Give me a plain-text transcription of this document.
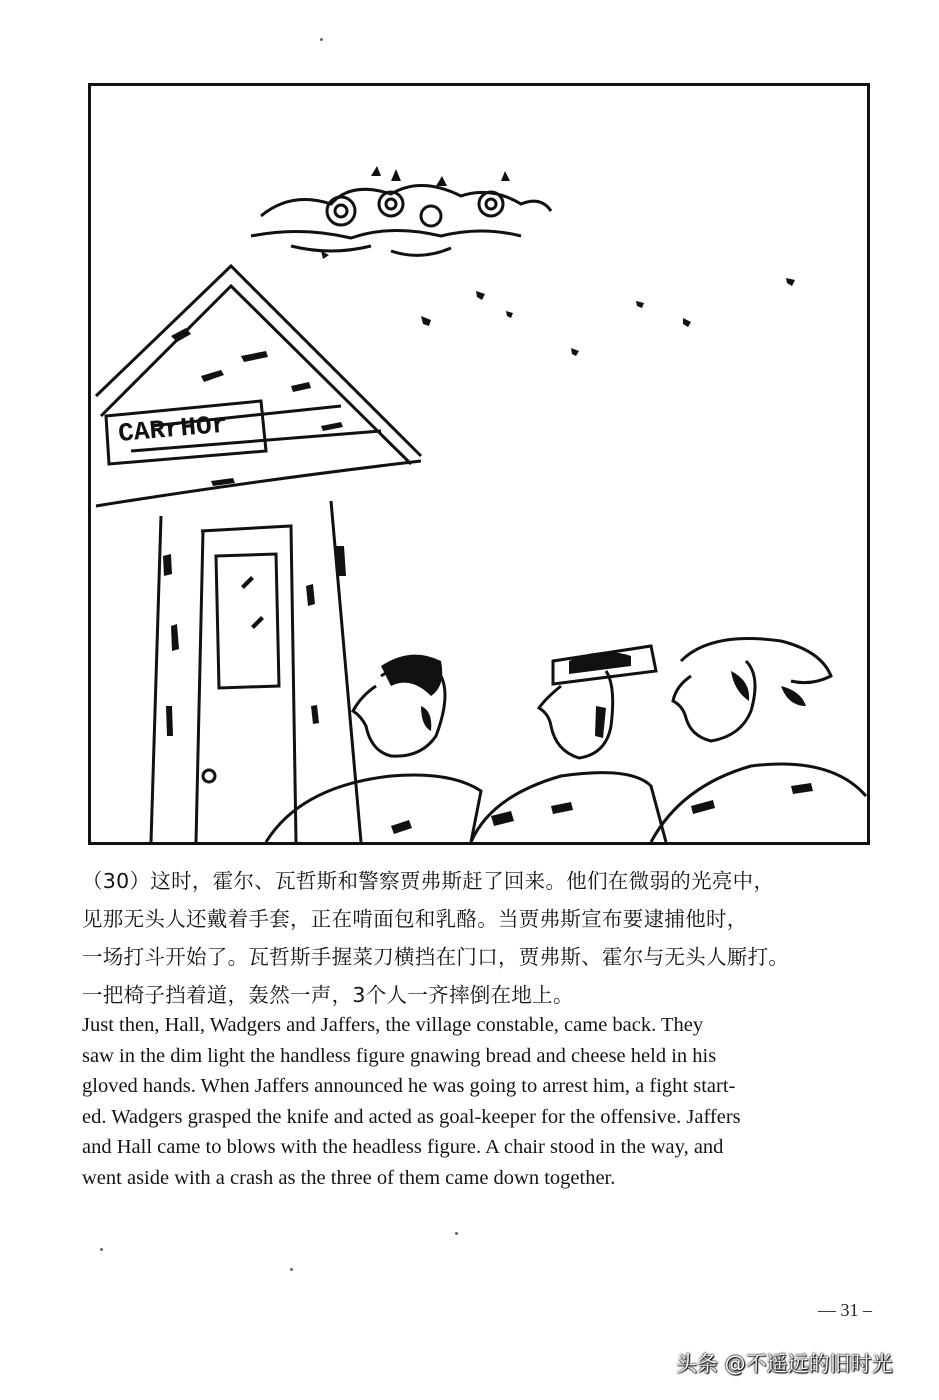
CARrHOr
（30）这时，霍尔、瓦哲斯和警察贾弗斯赶了回来。他们在微弱的光亮中，
见那无头人还戴着手套，正在啃面包和乳酪。当贾弗斯宣布要逮捕他时，
一场打斗开始了。瓦哲斯手握菜刀横挡在门口，贾弗斯、霍尔与无头人厮打。
一把椅子挡着道，轰然一声，3个人一齐摔倒在地上。
Just then, Hall, Wadgers and Jaffers, the village constable, came back. They
saw in the dim light the handless figure gnawing bread and cheese held in his
gloved hands. When Jaffers announced he was going to arrest him, a fight start-
ed. Wadgers grasped the knife and acted as goal-keeper for the offensive. Jaffers
and Hall came to blows with the headless figure. A chair stood in the way, and
went aside with a crash as the three of them came down together.
— 31 –
头条 @不遥远的旧时光
